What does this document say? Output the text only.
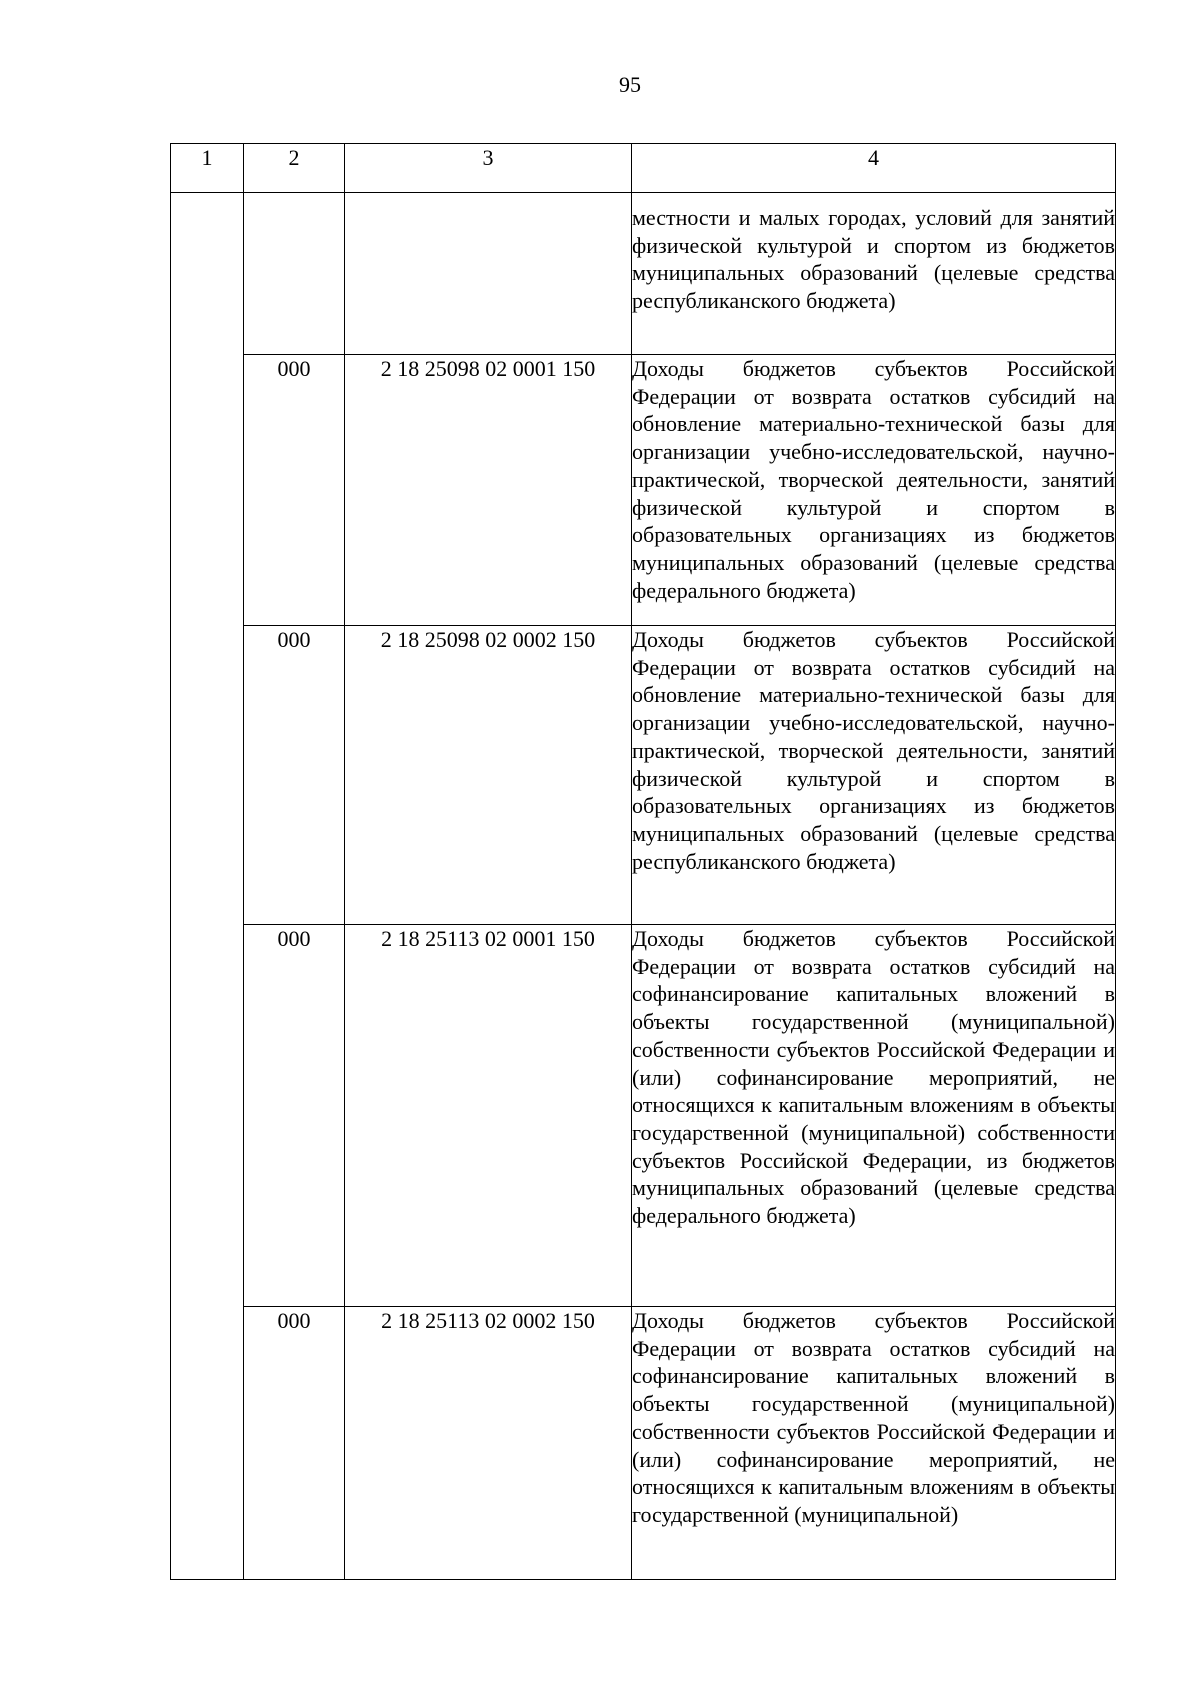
95
1	2	3	4
			местности и малых городах, условий для занятий физической культурой и спортом из бюджетов муниципальных образований (целевые средства республиканского бюджета)
	000	2 18 25098 02 0001 150	Доходы бюджетов субъектов Российской Федерации от возврата остатков субсидий на обновление материально-технической базы для организации учебно-исследовательской, научно-практической, творческой деятельности, занятий физической культурой и спортом в образовательных организациях из бюджетов муниципальных образований (целевые средства федерального бюджета)
	000	2 18 25098 02 0002 150	Доходы бюджетов субъектов Российской Федерации от возврата остатков субсидий на обновление материально-технической базы для организации учебно-исследовательской, научно-практической, творческой деятельности, занятий физической культурой и спортом в образовательных организациях из бюджетов муниципальных образований (целевые средства республиканского бюджета)
	000	2 18 25113 02 0001 150	Доходы бюджетов субъектов Российской Федерации от возврата остатков субсидий на софинансирование капитальных вложений в объекты государственной (муниципальной) собственности субъектов Российской Федерации и (или) софинансирование мероприятий, не относящихся к капитальным вложениям в объекты государственной (муниципальной) собственности субъектов Российской Федерации, из бюджетов муниципальных образований (целевые средства федерального бюджета)
	000	2 18 25113 02 0002 150	Доходы бюджетов субъектов Российской Федерации от возврата остатков субсидий на софинансирование капитальных вложений в объекты государственной (муниципальной) собственности субъектов Российской Федерации и (или) софинансирование мероприятий, не относящихся к капитальным вложениям в объекты государственной (муниципальной)
